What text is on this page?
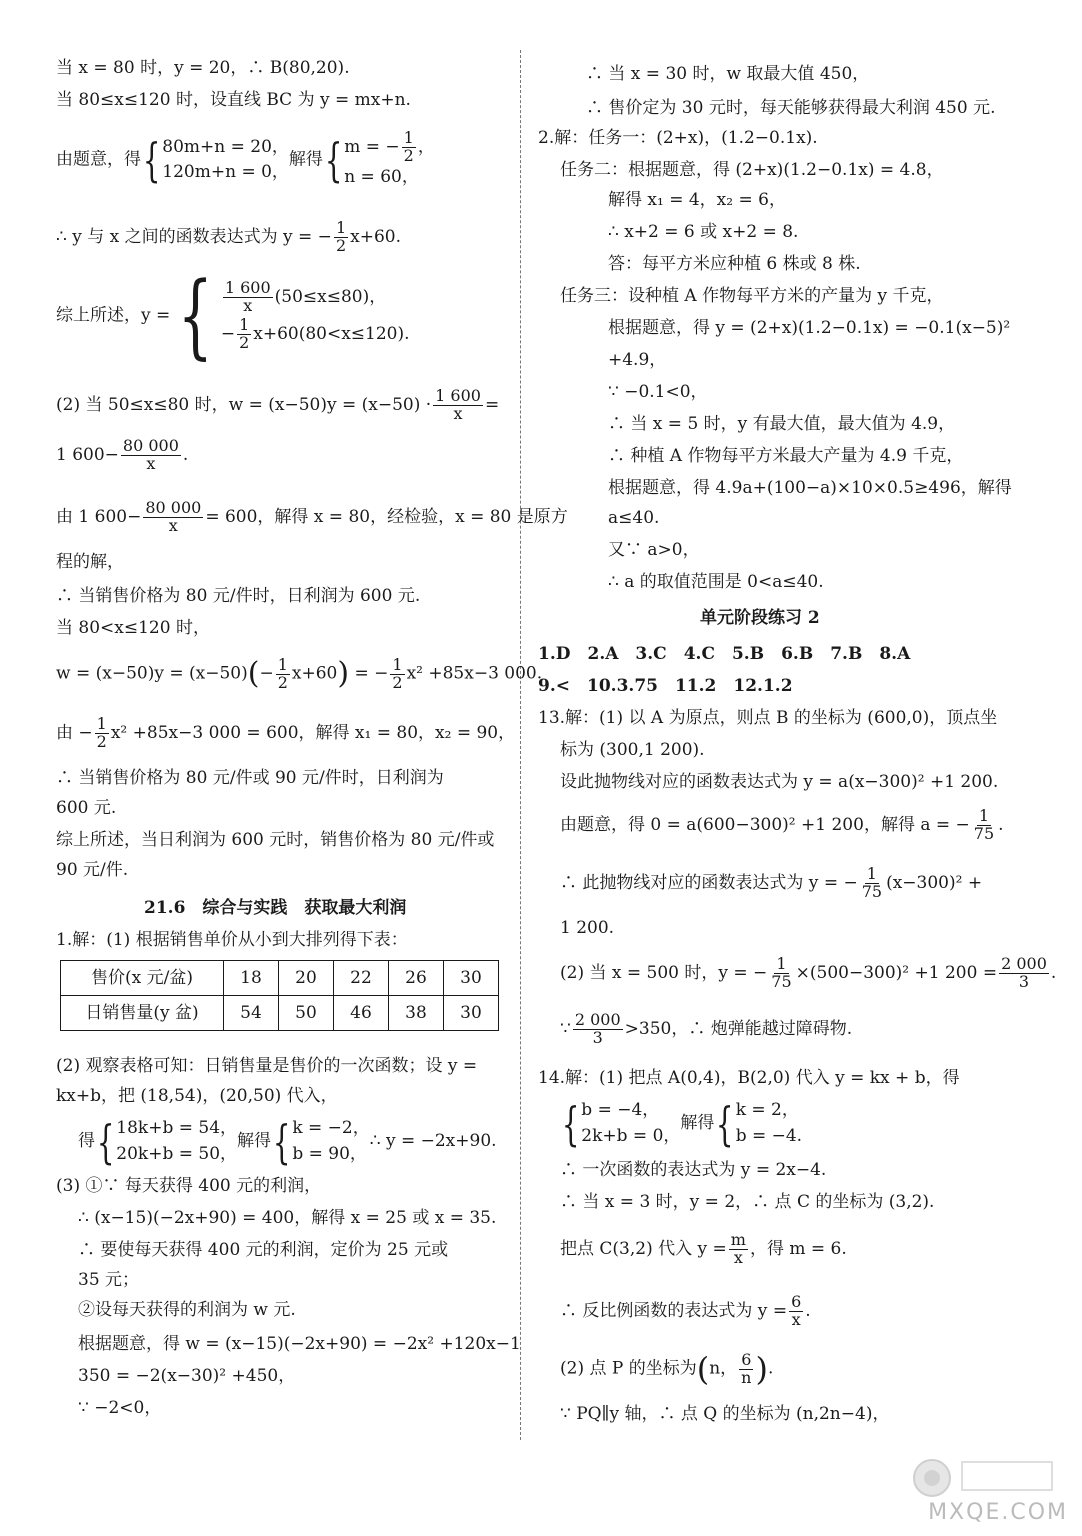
当 x = 80 时，y = 20，∴ B(80,20).
当 80≤x≤120 时，设直线 BC 为 y = mx+n.
由题意，得{ 80m+n = 20，
120m+n = 0，
解得{ m = − $\frac{1}{2}$ ，
n = 60，
∴ y 与 x 之间的函数表达式为 y = − $\frac{1}{2} x+60$.
综上所述，y ={ $\frac{1 600}{x} (50\le x\le 80)$，
− $\frac{1}{2} x+60(80<x\le 120)$.
(2) 当 50≤x≤80 时，$w = (x-50)y = (x-50) \cdot \frac{1 600}{x}$ =
1 $600- \frac{80 000}{x}$ .
由 1 $600- \frac{80 000}{x} = 600$，解得 x = 80，经检验，x = 80 是原方
程的解，
∴ 当销售价格为 80 元/件时，日利润为 600 元.
当 80<x≤120 时，
$w = (x-50)y = (x-50)(- \frac{1}{2} x+60)$ = − $\frac{1}{2} x^2 +85x-3$ 000.
由 − $\frac{1}{2} x^2 +85x-3$ 000 = 600，解得 x₁ = 80，x₂ = 90，
∴ 当销售价格为 80 元/件或 90 元/件时，日利润为
600 元.
综上所述，当日利润为 600 元时，销售价格为 80 元/件或
90 元/件.
21.6　综合与实践　获取最大利润
1.解：(1) 根据销售单价从小到大排列得下表：
售价(x 元/盆)	18	20	22	26	30
日销售量(y 盆)	54	50	46	38	30
(2) 观察表格可知：日销售量是售价的一次函数；设 y =
kx+b，把 (18,54)，(20,50) 代入，
得{ 18k+b = 54，
20k+b = 50，
解得{ k = −2，
b = 90，
∴ y = −2x+90.
(3) ①∵ 每天获得 400 元的利润，
∴ (x−15)(−2x+90) = 400，解得 x = 25 或 x = 35.
∴ 要使每天获得 400 元的利润，定价为 25 元或
35 元；
②设每天获得的利润为 w 元.
根据题意，得 w = (x−15)(−2x+90) = −2x² +120x−1
350 = −2(x−30)² +450，
∵ −2<0，
∴ 当 x = 30 时，w 取最大值 450，
∴ 售价定为 30 元时，每天能够获得最大利润 450 元.
2.解：任务一：(2+x)，(1.2−0.1x).
任务二：根据题意，得 (2+x)(1.2−0.1x) = 4.8，
解得 x₁ = 4，x₂ = 6，
∴ x+2 = 6 或 x+2 = 8.
答：每平方米应种植 6 株或 8 株.
任务三：设种植 A 作物每平方米的产量为 y 千克，
根据题意，得 y = (2+x)(1.2−0.1x) = −0.1(x−5)²
+4.9，
∵ −0.1<0，
∴ 当 x = 5 时，y 有最大值，最大值为 4.9，
∴ 种植 A 作物每平方米最大产量为 4.9 千克，
根据题意，得 4.9a+(100−a)×10×0.5≥496，解得
a≤40.
又∵ a>0，
∴ a 的取值范围是 0<a≤40.
单元阶段练习 2
1.D　2.A　3.C　4.C　5.B　6.B　7.B　8.A
9.<　10.3.75　11.2　12.1.2
13.解：(1) 以 A 为原点，则点 B 的坐标为 (600,0)，顶点坐
标为 (300,1 200).
设此抛物线对应的函数表达式为 y = a(x−300)² +1 200.
由题意，得 0 = a(600−300)² +1 200，解得 a = − $\frac{1}{75}$ .
∴ 此抛物线对应的函数表达式为 y = − $\frac{1}{75} (x-300)^2$ +
1 200.
(2) 当 x = 500 时，y = − $\frac{1}{75} \times(500-300)^2 +1$ $200 = \frac{2 000}{3}$ .
∵ $\frac{2 000}{3} >350$，∴ 炮弹能越过障碍物.
14.解：(1) 把点 A(0,4)，B(2,0) 代入 y = kx + b，得
{ b = −4，
2k+b = 0，
解得{ k = 2，
b = −4.
∴ 一次函数的表达式为 y = 2x−4.
∴ 当 x = 3 时，y = 2，∴ 点 C 的坐标为 (3,2).
把点 C(3,2) 代入 $y = \frac{m}{x}$ ，得 m = 6.
∴ 反比例函数的表达式为 $y = \frac{6}{x}$ .
(2) 点 P 的坐标为(n， $\frac{6}{n}$ ).
∵ PQ∥y 轴，∴ 点 Q 的坐标为 (n,2n−4)，
MXQE.COM
